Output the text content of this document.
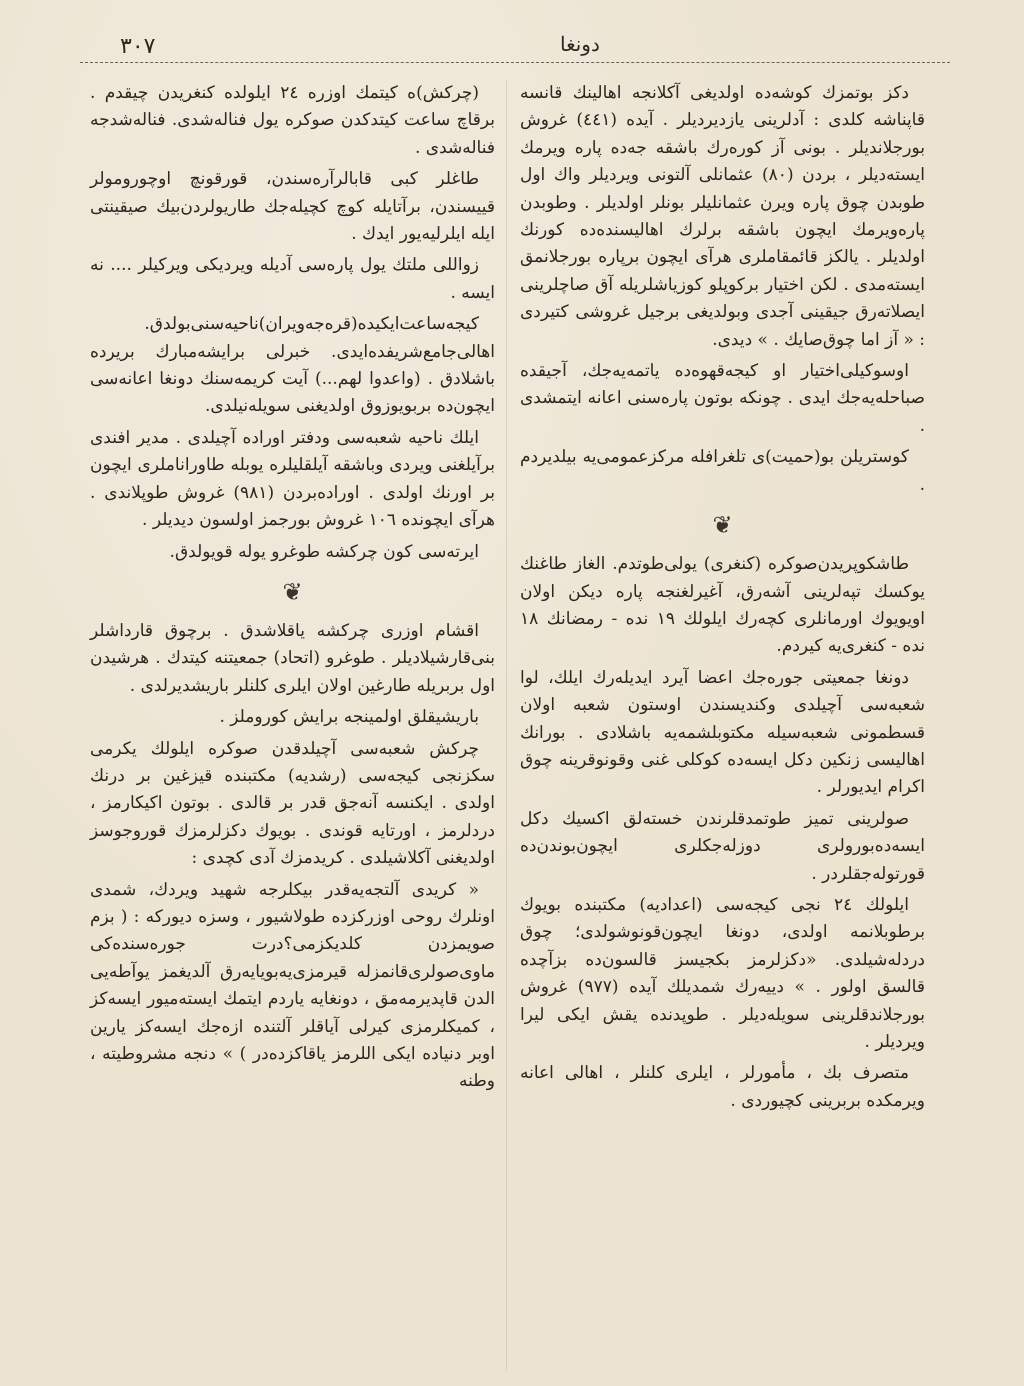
٣٠٧	دونغا

دکز بوتمزك کوشه‌ده اولدیغی آکلانجه اهالینك قانسه قاپناشه کلدی : آدلرینی یازدیردیلر . آیده (٤٤١) غروش بورجلاندیلر . بونی آز کوره‌رك باشقه جه‌ده پاره ویرمك ایسته‌دیلر ، بردن (٨٠) عثمانلی آلتونی ویردیلر واك اول طوبدن چوق پاره ویرن عثمانلیلر بونلر اولدیلر . وطوبدن پاره‌ویرمك ایچون باشقه برلرك اهالیسنده‌ده کورنك اولدیلر . یالکز قائمقاملری هرآی ایچون برپاره بورجلانمق ایسته‌مدی . لکن اختیار برکوپلو کوزیاشلریله آق صاچلرینی ایصلاته‌رق جیقینی آجدی وبولدیغی برجیل غروشی کتیردی : « آز اما چوق‌صایك . » دیدی.

اوسوکیلی‌اختیار او کیجه‌قهوه‌ده یاتمه‌یه‌جك، آجیقده صباحله‌یه‌جك ایدی . چونکه بوتون پاره‌سنی اعانه ایتمشدی .

کوستریلن بو(حمیت)ی تلغرافله مرکزعمومی‌یه بیلدیردم .

❦

طاشکوپریدن‌صوکره (کنغری) یولی‌طوتدم. الغاز طاغنك یوکسك تپه‌لرینی آشه‌رق، آغیرلغنجه پاره دیکن اولان اویویوك اورمانلری کچه‌رك ایلولك ١٩ نده - رمضانك ١٨ نده - کنغری‌یه کیردم.

دونغا جمعیتی جوره‌جك اعضا آیرد ایدیله‌رك ایلك، لوا شعبه‌سی آچیلدی وکندیسندن اوستون شعبه اولان قسطمونی شعبه‌سیله مکتوبلشمه‌یه باشلادی . بورانك اهالیسی زنکین دکل ایسه‌ده کوکلی غنی وقونوقرینه چوق اکرام ایدیورلر .

صولرینی تمیز طوتمدقلرندن خسته‌لق اکسیك دکل ایسه‌ده‌بورولری دوزله‌جکلری ایچون‌بوندن‌ده قورتوله‌جقلردر .

ایلولك ٢٤ نجی کیجه‌سی (اعدادیه) مکتبنده بویوك برطوبلانمه اولدی، دونغا ایچون‌قونوشولدی؛ چوق دردله‌شیلدی. «دکزلرمز بکجیسز قالسون‌ده بزآچده قالسق اولور . » دییه‌رك شمدیلك آیده (٩٧٧) غروش بورجلاندقلرینی سویله‌دیلر . طوپدنده یقش ایکی لیرا ویردیلر .

متصرف بك ، مأمورلر ، ایلری کلنلر ، اهالی اعانه ویرمکده بربرینی کچیوردی .

(چرکش)ه کیتمك اوزره ٢٤ ایلولده کنغریدن چیقدم . برقاچ ساعت کیتدکدن صوکره یول فناله‌شدی. فناله‌شدجه فناله‌شدی .

طاغلر کبی قابالرآره‌سندن، قورقونچ اوچورومولر قییسندن، برآتایله کوچ کچیله‌جك طاریولردن‌بیك صیقینتی ایله ایلرلیه‌یور ایدك .

زواللی ملتك یول پاره‌سی آدیله ویردیکی ویرکیلر .... نه ایسه .

کیجه‌ساعت‌ایکیده(قره‌جه‌ویران)ناحیه‌سنی‌بولدق. اهالی‌جامع‌شریفده‌ایدی. خبرلی برایشه‌مبارك بریرده باشلادق . (واعدوا لهم...) آیت کریمه‌سنك دونغا اعانه‌سی ایچون‌ده بربویوزوق اولدیغنی سویله‌نیلدی.

ایلك ناحیه شعبه‌سی ودفتر اوراده آچیلدی . مدیر افندی برآیلغنی ویردی وباشقه آیلقلیلره یوبله طاوراناملری ایچون بر اورنك اولدی . اوراده‌بردن (٩٨١) غروش طوپلاندی . هرآی ایچونده ١٠٦ غروش بورجمز اولسون دیدیلر .

ایرته‌سی کون چرکشه طوغرو یوله قویولدق.

❦

اقشام اوزری چرکشه یاقلاشدق . برچوق قارداشلر بنی‌قارشیلادیلر . طوغرو (اتحاد) جمعیتنه کیتدك . هرشیدن اول بربریله طارغین اولان ایلری کلنلر باریشدیرلدی .

باریشیقلق اولمینجه برایش کوروملز .

چرکش شعبه‌سی آچیلدقدن صوکره ایلولك یکرمی سکزنجی کیجه‌سی (رشدیه) مکتبنده قیزغین بر درنك اولدی . ایکنسه آنه‌جق قدر بر قالدی . بوتون اکیکارمز ، دردلرمز ، اورتایه قوندی . بویوك دکزلرمزك قوروجوسز اولدیغنی آکلاشیلدی . کریدمزك آدی کچدی :

« کریدی آلتجه‌یه‌قدر بیکلرجه شهید ویردك، شمدی اونلرك روحی اوزرکزده طولاشیور ، وسزه دیورکه : ( بزم صویمزدن کلدیکزمی؟درت جوره‌سنده‌کی ماوی‌صولری‌قانمزله قیرمزی‌یه‌بویایه‌رق آلدیغمز یوآطه‌یی الدن قاپدیرمه‌مق ، دونغایه یاردم ایتمك ایسته‌میور ایسه‌کز ، کمیکلرمزی کیرلی آیاقلر آلتنده‌ ازه‌جك ایسه‌کز یارین اوبر دنیاده ایکی اللرمز یاقا‌کزده‌در ) » دنجه مشروطیته ، وطنه
